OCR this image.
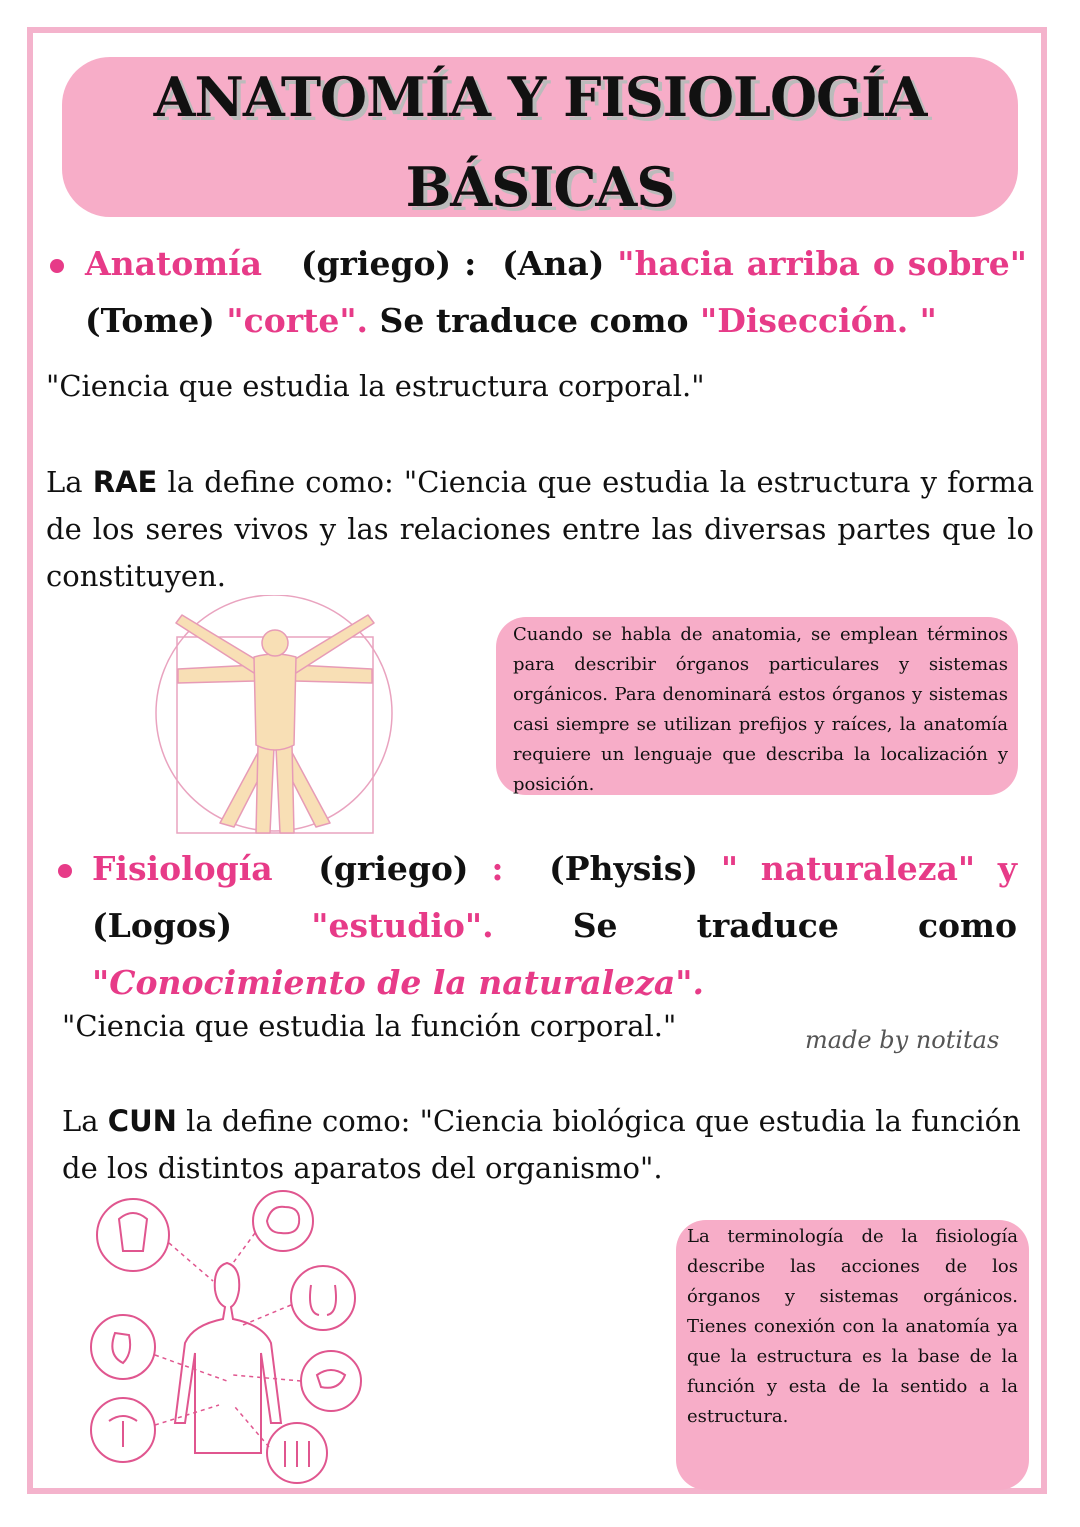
ANATOMÍA Y FISIOLOGÍA
BÁSICAS
Anatomía (griego) : (Ana) "hacia arriba o sobre" (Tome) "corte". Se traduce como "Disección. "

"Ciencia que estudia la estructura corporal."

La RAE la define como: "Ciencia que estudia la estructura y forma de los seres vivos y las relaciones entre las diversas partes que lo constituyen.

Cuando se habla de anatomia, se emplean términos para describir órganos particulares y sistemas orgánicos. Para denominará estos órganos y sistemas casi siempre se utilizan prefijos y raíces, la anatomía requiere un lenguaje que describa la localización y posición.
Fisiología (griego) : (Physis) " naturaleza" y (Logos) "estudio". Se traduce como "Conocimiento de la naturaleza".

"Ciencia que estudia la función corporal."	made by notitas

La CUN la define como: "Ciencia biológica que estudia la función de los distintos aparatos del organismo".

La terminología de la fisiología describe las acciones de los órganos y sistemas orgánicos. Tienes conexión con la anatomía ya que la estructura es la base de la función y esta de la sentido a la estructura.
